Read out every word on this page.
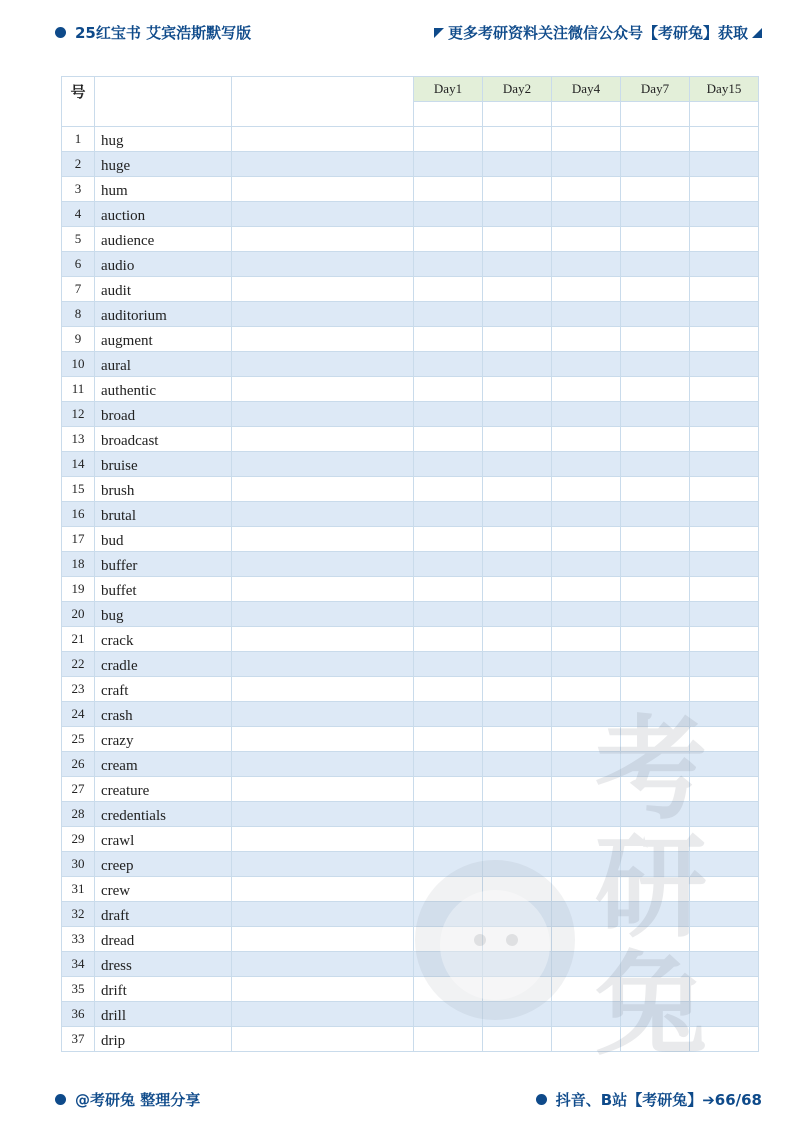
25红宝书 艾宾浩斯默写版	更多考研资料关注微信公众号【考研兔】获取
号			Day1	Day2	Day4	Day7	Day15

1	hug						
2	huge						
3	hum						
4	auction						
5	audience						
6	audio						
7	audit						
8	auditorium						
9	augment						
10	aural						
11	authentic						
12	broad						
13	broadcast						
14	bruise						
15	brush						
16	brutal						
17	bud						
18	buffer						
19	buffet						
20	bug						
21	crack						
22	cradle						
23	craft						
24	crash						
25	crazy						
26	cream						
27	creature						
28	credentials						
29	crawl						
30	creep						
31	crew						
32	draft						
33	dread						
34	dress						
35	drift						
36	drill						
37	drip						
研
@考研兔 整理分享	抖音、B站【考研兔】➔66/68
